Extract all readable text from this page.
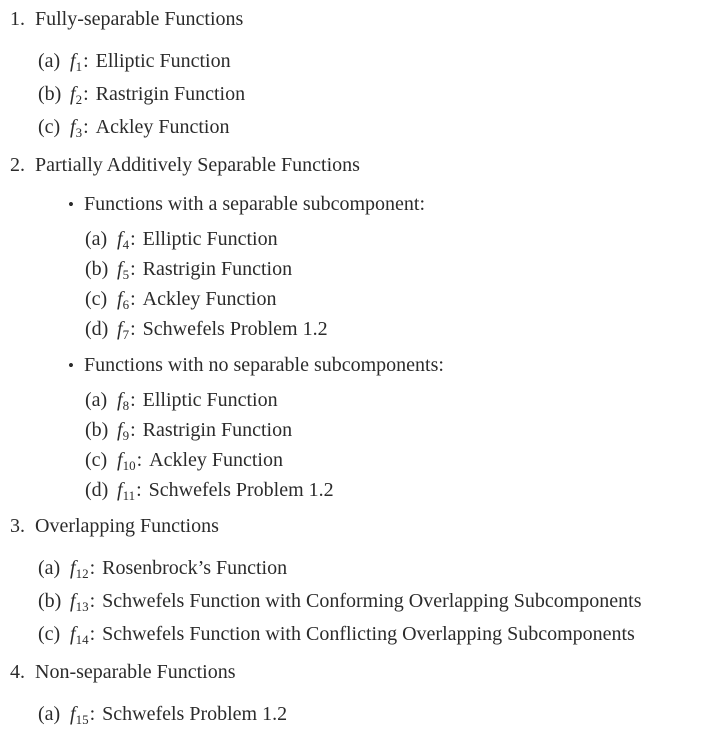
1. Fully-separable Functions
(a) $f_1$: Elliptic Function
(b) $f_2$: Rastrigin Function
(c) $f_3$: Ackley Function
2. Partially Additively Separable Functions
• Functions with a separable subcomponent:
(a) $f_4$: Elliptic Function
(b) $f_5$: Rastrigin Function
(c) $f_6$: Ackley Function
(d) $f_7$: Schwefels Problem 1.2
• Functions with no separable subcomponents:
(a) $f_8$: Elliptic Function
(b) $f_9$: Rastrigin Function
(c) $f_{10}$: Ackley Function
(d) $f_{11}$: Schwefels Problem 1.2
3. Overlapping Functions
(a) $f_{12}$: Rosenbrock’s Function
(b) $f_{13}$: Schwefels Function with Conforming Overlapping Subcomponents
(c) $f_{14}$: Schwefels Function with Conflicting Overlapping Subcomponents
4. Non-separable Functions
(a) $f_{15}$: Schwefels Problem 1.2
